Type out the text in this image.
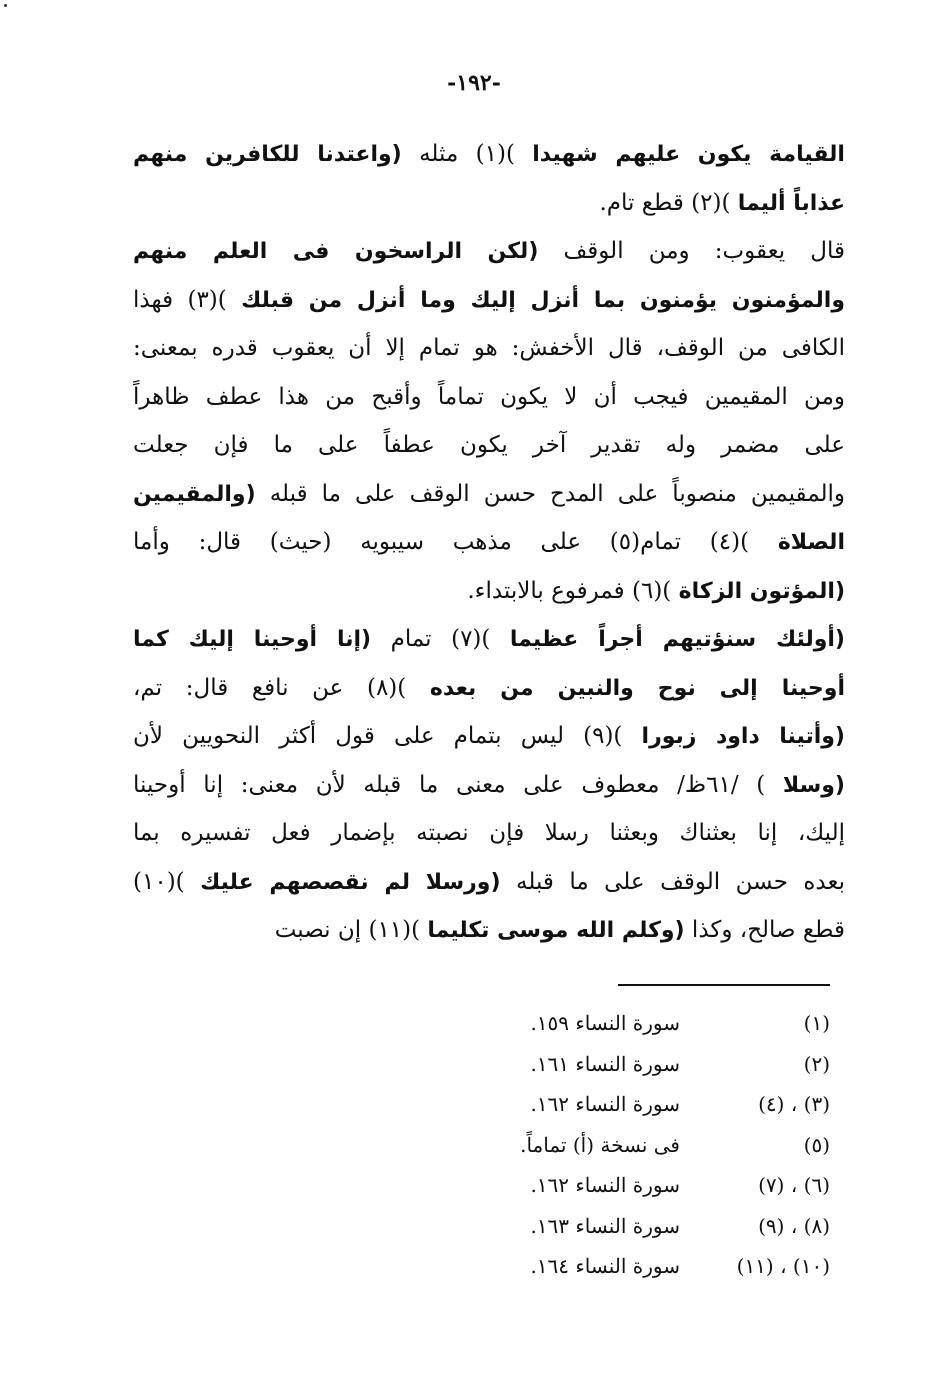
-١٩٢-
القيامة يكون عليهم شهيدا )(١) مثله (واعتدنا للكافرين منهم
عذاباً أليما )(٢) قطع تام.
قال يعقوب: ومن الوقف (لكن الراسخون فى العلم منهم
والمؤمنون يؤمنون بما أنزل إليك وما أنزل من قبلك )(٣) فهذا
الكافى من الوقف، قال الأخفش: هو تمام إلا أن يعقوب قدره بمعنى:
ومن المقيمين فيجب أن لا يكون تماماً وأقبح من هذا عطف ظاهراً
على مضمر وله تقدير آخر يكون عطفاً على ما فإن جعلت
والمقيمين منصوباً على المدح حسن الوقف على ما قبله (والمقيمين
الصلاة )(٤) تمام(٥) على مذهب سيبويه (حيث) قال: وأما
(المؤتون الزكاة )(٦) فمرفوع بالابتداء.
(أولئك سنؤتيهم أجراً عظيما )(٧) تمام (إنا أوحينا إليك كما
أوحينا إلى نوح والنبين من بعده )(٨) عن نافع قال: تم،
(وأتينا داود زبورا )(٩) ليس بتمام على قول أكثر النحويين لأن
(وسلا ) /٦١ظ/ معطوف على معنى ما قبله لأن معنى: إنا أوحينا
إليك، إنا بعثناك وبعثنا رسلا فإن نصبته بإضمار فعل تفسيره بما
بعده حسن الوقف على ما قبله (ورسلا لم نقصصهم عليك )(١٠)
قطع صالح، وكذا (وكلم الله موسى تكليما )(١١) إن نصبت
(١)
سورة النساء ١٥٩.
(٢)
سورة النساء ١٦١.
(٣) ، (٤)
سورة النساء ١٦٢.
(٥)
فى نسخة (أ) تماماً.
(٦) ، (٧)
سورة النساء ١٦٢.
(٨) ، (٩)
سورة النساء ١٦٣.
(١٠) ، (١١)
سورة النساء ١٦٤.
